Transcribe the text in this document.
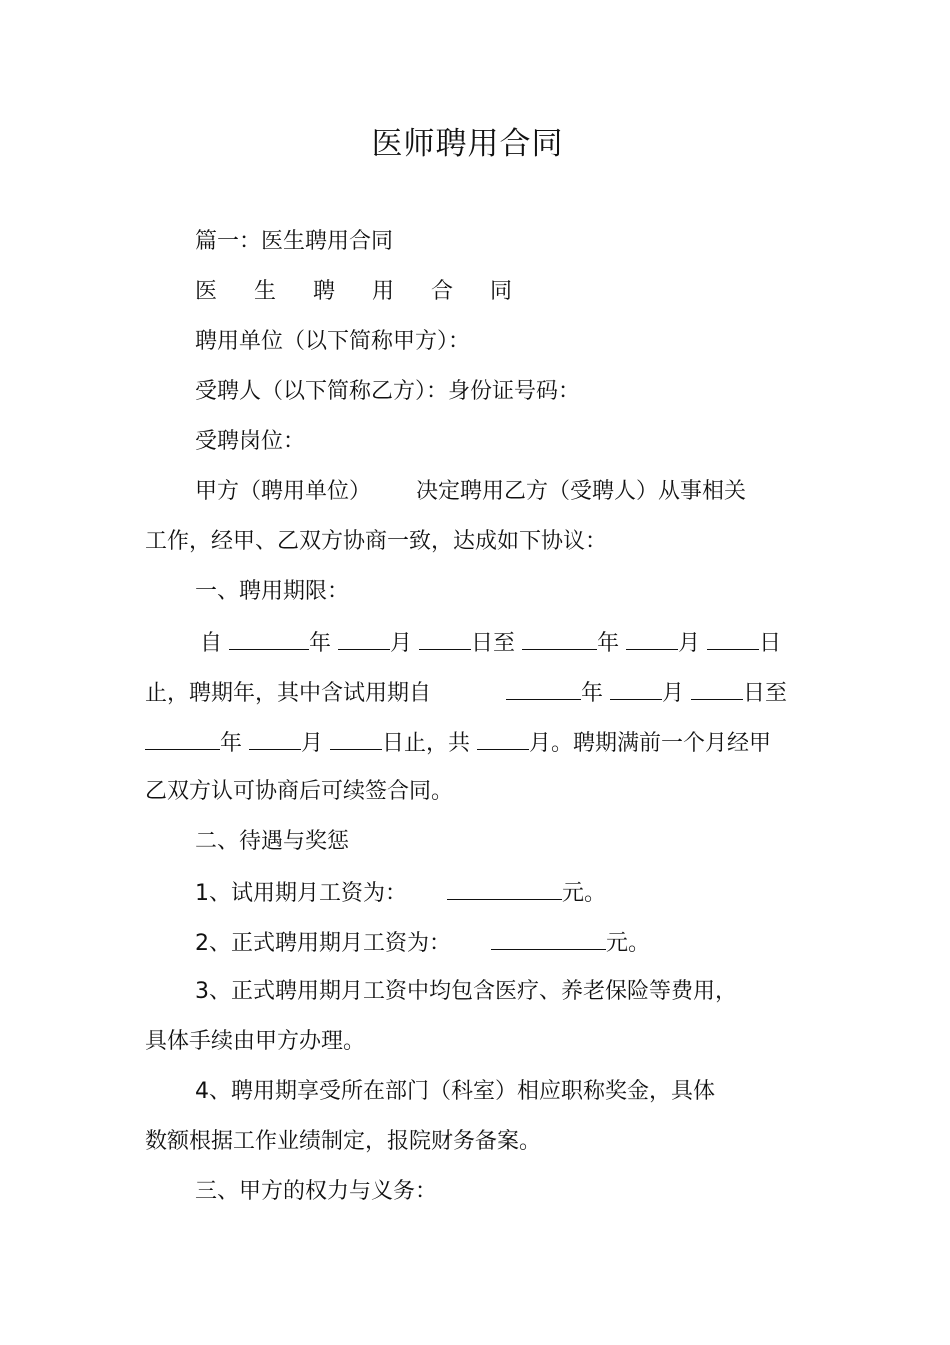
医师聘用合同
篇一：医生聘用合同
医 生 聘 用 合 同
聘用单位（以下简称甲方）：
受聘人（以下简称乙方）：身份证号码：
受聘岗位：
甲方（聘用单位） 决定聘用乙方（受聘人）从事相关
工作，经甲、乙双方协商一致，达成如下协议：
一、聘用期限：
自	年	月	日至	年	月	日
止，聘期年，其中含试用期自	年	月	日至
年	月	日止，共	月。聘期满前一个月经甲
乙双方认可协商后可续签合同。
二、待遇与奖惩
1、试用期月工资为：	元。
2、正式聘用期月工资为：	元。
3、正式聘用期月工资中均包含医疗、养老保险等费用，
具体手续由甲方办理。
4、聘用期享受所在部门（科室）相应职称奖金，具体
数额根据工作业绩制定，报院财务备案。
三、甲方的权力与义务：
